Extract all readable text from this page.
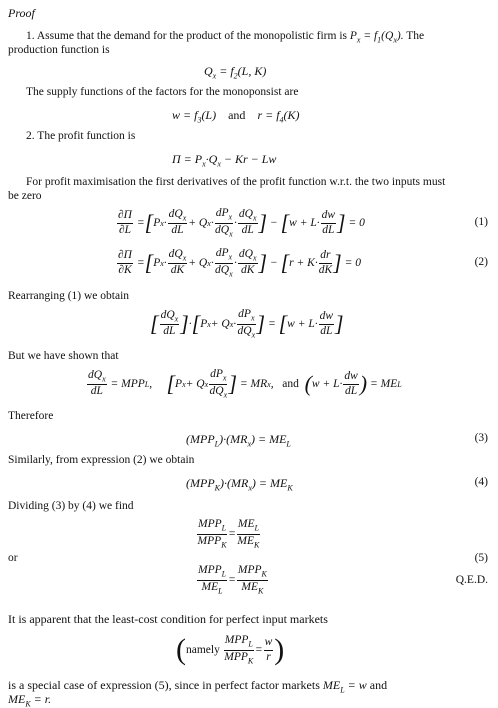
Proof
1. Assume that the demand for the product of the monopolistic firm is $P_x = f_1(Q_x)$. The
production function is
$Q_x = f_2(L$, K)
The supply functions of the factors for the monoponsist are
$w = f_3(L)$    and    $r = f_4(K)$
2. The profit function is
$\Pi = P_x\cdot Q_x - Kr - Lw$
For profit maximisation the first derivatives of the profit function w.r.t. the two inputs must
be zero
$\frac{\partial\Pi}{\partial L}$ = [ P $x \cdot \frac{dQ_x}{dL} + Q$ $x \cdot \frac{dP_x}{dQ_x} \cdot \frac{dQ_x}{dL}$ ] − [ $w + L\cdot \frac{dw}{dL}$ ] = 0	(1)
$\frac{\partial\Pi}{\partial K}$ = [ P $x \cdot \frac{dQ_x}{dK} + Q$ $x \cdot \frac{dP_x}{dQ_x} \cdot \frac{dQ_x}{dK}$ ] − [ $r + K\cdot \frac{dr}{dK}$ ] = 0	(2)
Rearranging (1) we obtain
[ $\frac{dQ_x}{dL}$ ] · [ P x + Q $x \cdot \frac{dP_x}{dQ_x}$ ] = [ $w + L\cdot \frac{dw}{dL}$ ]
But we have shown that
$\frac{dQ_x}{dL}$ = MPP L , [ P x + Q x $\frac{dP_x}{dQ_x}$ ] = MR x , and
( $w + L\cdot \frac{dw}{dL}$ ) = ME L
Therefore
$(MPP_L)\cdot(MR_x) = ME_L$	(3)
Similarly, from expression (2) we obtain
$(MPP_K)\cdot(MR_x) = ME_K$	(4)
Dividing (3) by (4) we find
$\frac{MPP_L}{MPP_K} = \frac{ME_L}{ME_K}$
or	(5)
$\frac{MPP_L}{ME_L} = \frac{MPP_K}{ME_K}$	Q.E.D.
It is apparent that the least-cost condition for perfect input markets
( namely
$\frac{MPP_L}{MPP_K} = \frac{w}{r}$ )
is a special case of expression (5), since in perfect factor markets $ME_L = w$ and
$ME_K = r$.
